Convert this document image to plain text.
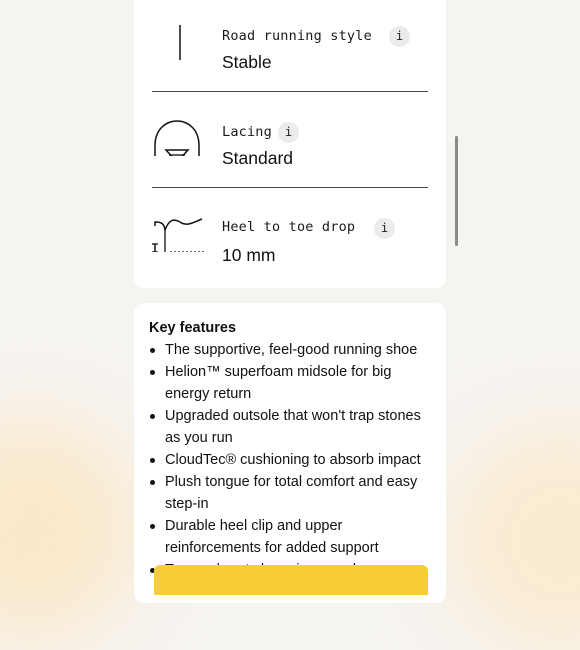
Road running style	i
Stable
Lacing	i
Standard
Heel to toe drop	i
10 mm
Key features
The supportive, feel-good running shoe
Helion™ superfoam midsole for big energy return
Upgraded outsole that won't trap stones as you run
CloudTec® cushioning to absorb impact
Plush tongue for total comfort and easy step-in
Durable heel clip and upper reinforcements for added support
